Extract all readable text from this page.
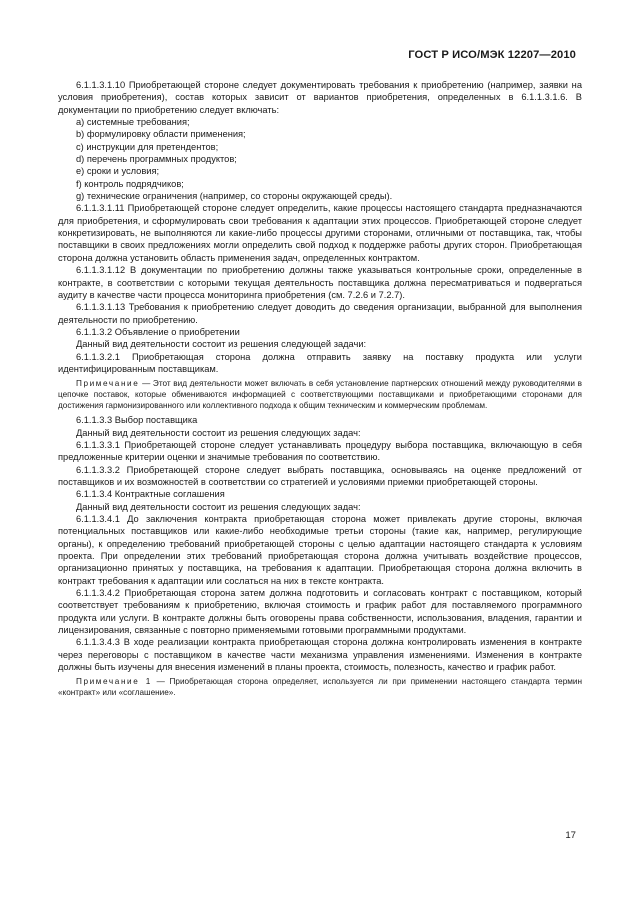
ГОСТ Р ИСО/МЭК 12207—2010

6.1.1.3.1.10 Приобретающей стороне следует документировать требования к приобретению (например, заявки на условия приобретения), состав которых зависит от вариантов приобретения, определенных в 6.1.1.3.1.6. В документации по приобретению следует включать:

a) системные требования;

b) формулировку области применения;

c) инструкции для претендентов;

d) перечень программных продуктов;

e) сроки и условия;

f) контроль подрядчиков;

g) технические ограничения (например, со стороны окружающей среды).

6.1.1.3.1.11 Приобретающей стороне следует определить, какие процессы настоящего стандарта предназначаются для приобретения, и сформулировать свои требования к адаптации этих процессов. Приобретающей стороне следует конкретизировать, не выполняются ли какие-либо процессы другими сторонами, отличными от поставщика, так, чтобы поставщики в своих предложениях могли определить свой подход к поддержке работы других сторон. Приобретающая сторона должна установить область применения задач, определенных контрактом.

6.1.1.3.1.12 В документации по приобретению должны также указываться контрольные сроки, определенные в контракте, в соответствии с которыми текущая деятельность поставщика должна пересматриваться и подвергаться аудиту в качестве части процесса мониторинга приобретения (см. 7.2.6 и 7.2.7).

6.1.1.3.1.13 Требования к приобретению следует доводить до сведения организации, выбранной для выполнения деятельности по приобретению.

6.1.1.3.2 Объявление о приобретении

Данный вид деятельности состоит из решения следующей задачи:

6.1.1.3.2.1 Приобретающая сторона должна отправить заявку на поставку продукта или услуги идентифицированным поставщикам.

Примечание — Этот вид деятельности может включать в себя установление партнерских отношений между руководителями в цепочке поставок, которые обмениваются информацией с соответствующими поставщиками и приобретающими сторонами для достижения гармонизированного или коллективного подхода к общим техническим и коммерческим проблемам.

6.1.1.3.3 Выбор поставщика

Данный вид деятельности состоит из решения следующих задач:

6.1.1.3.3.1 Приобретающей стороне следует устанавливать процедуру выбора поставщика, включающую в себя предложенные критерии оценки и значимые требования по соответствию.

6.1.1.3.3.2 Приобретающей стороне следует выбрать поставщика, основываясь на оценке предложений от поставщиков и их возможностей в соответствии со стратегией и условиями приемки приобретающей стороны.

6.1.1.3.4 Контрактные соглашения

Данный вид деятельности состоит из решения следующих задач:

6.1.1.3.4.1 До заключения контракта приобретающая сторона может привлекать другие стороны, включая потенциальных поставщиков или какие-либо необходимые третьи стороны (такие как, например, регулирующие органы), к определению требований приобретающей стороны с целью адаптации настоящего стандарта к условиям проекта. При определении этих требований приобретающая сторона должна учитывать воздействие процессов, организационно принятых у поставщика, на требования к адаптации. Приобретающая сторона должна включить в контракт требования к адаптации или сослаться на них в тексте контракта.

6.1.1.3.4.2 Приобретающая сторона затем должна подготовить и согласовать контракт с поставщиком, который соответствует требованиям к приобретению, включая стоимость и график работ для поставляемого программного продукта или услуги. В контракте должны быть оговорены права собственности, использования, владения, гарантии и лицензирования, связанные с повторно применяемыми готовыми программными продуктами.

6.1.1.3.4.3 В ходе реализации контракта приобретающая сторона должна контролировать изменения в контракте через переговоры с поставщиком в качестве части механизма управления изменениями. Изменения в контракте должны быть изучены для внесения изменений в планы проекта, стоимость, полезность, качество и график работ.

Примечание 1 — Приобретающая сторона определяет, используется ли при применении настоящего стандарта термин «контракт» или «соглашение».

17
